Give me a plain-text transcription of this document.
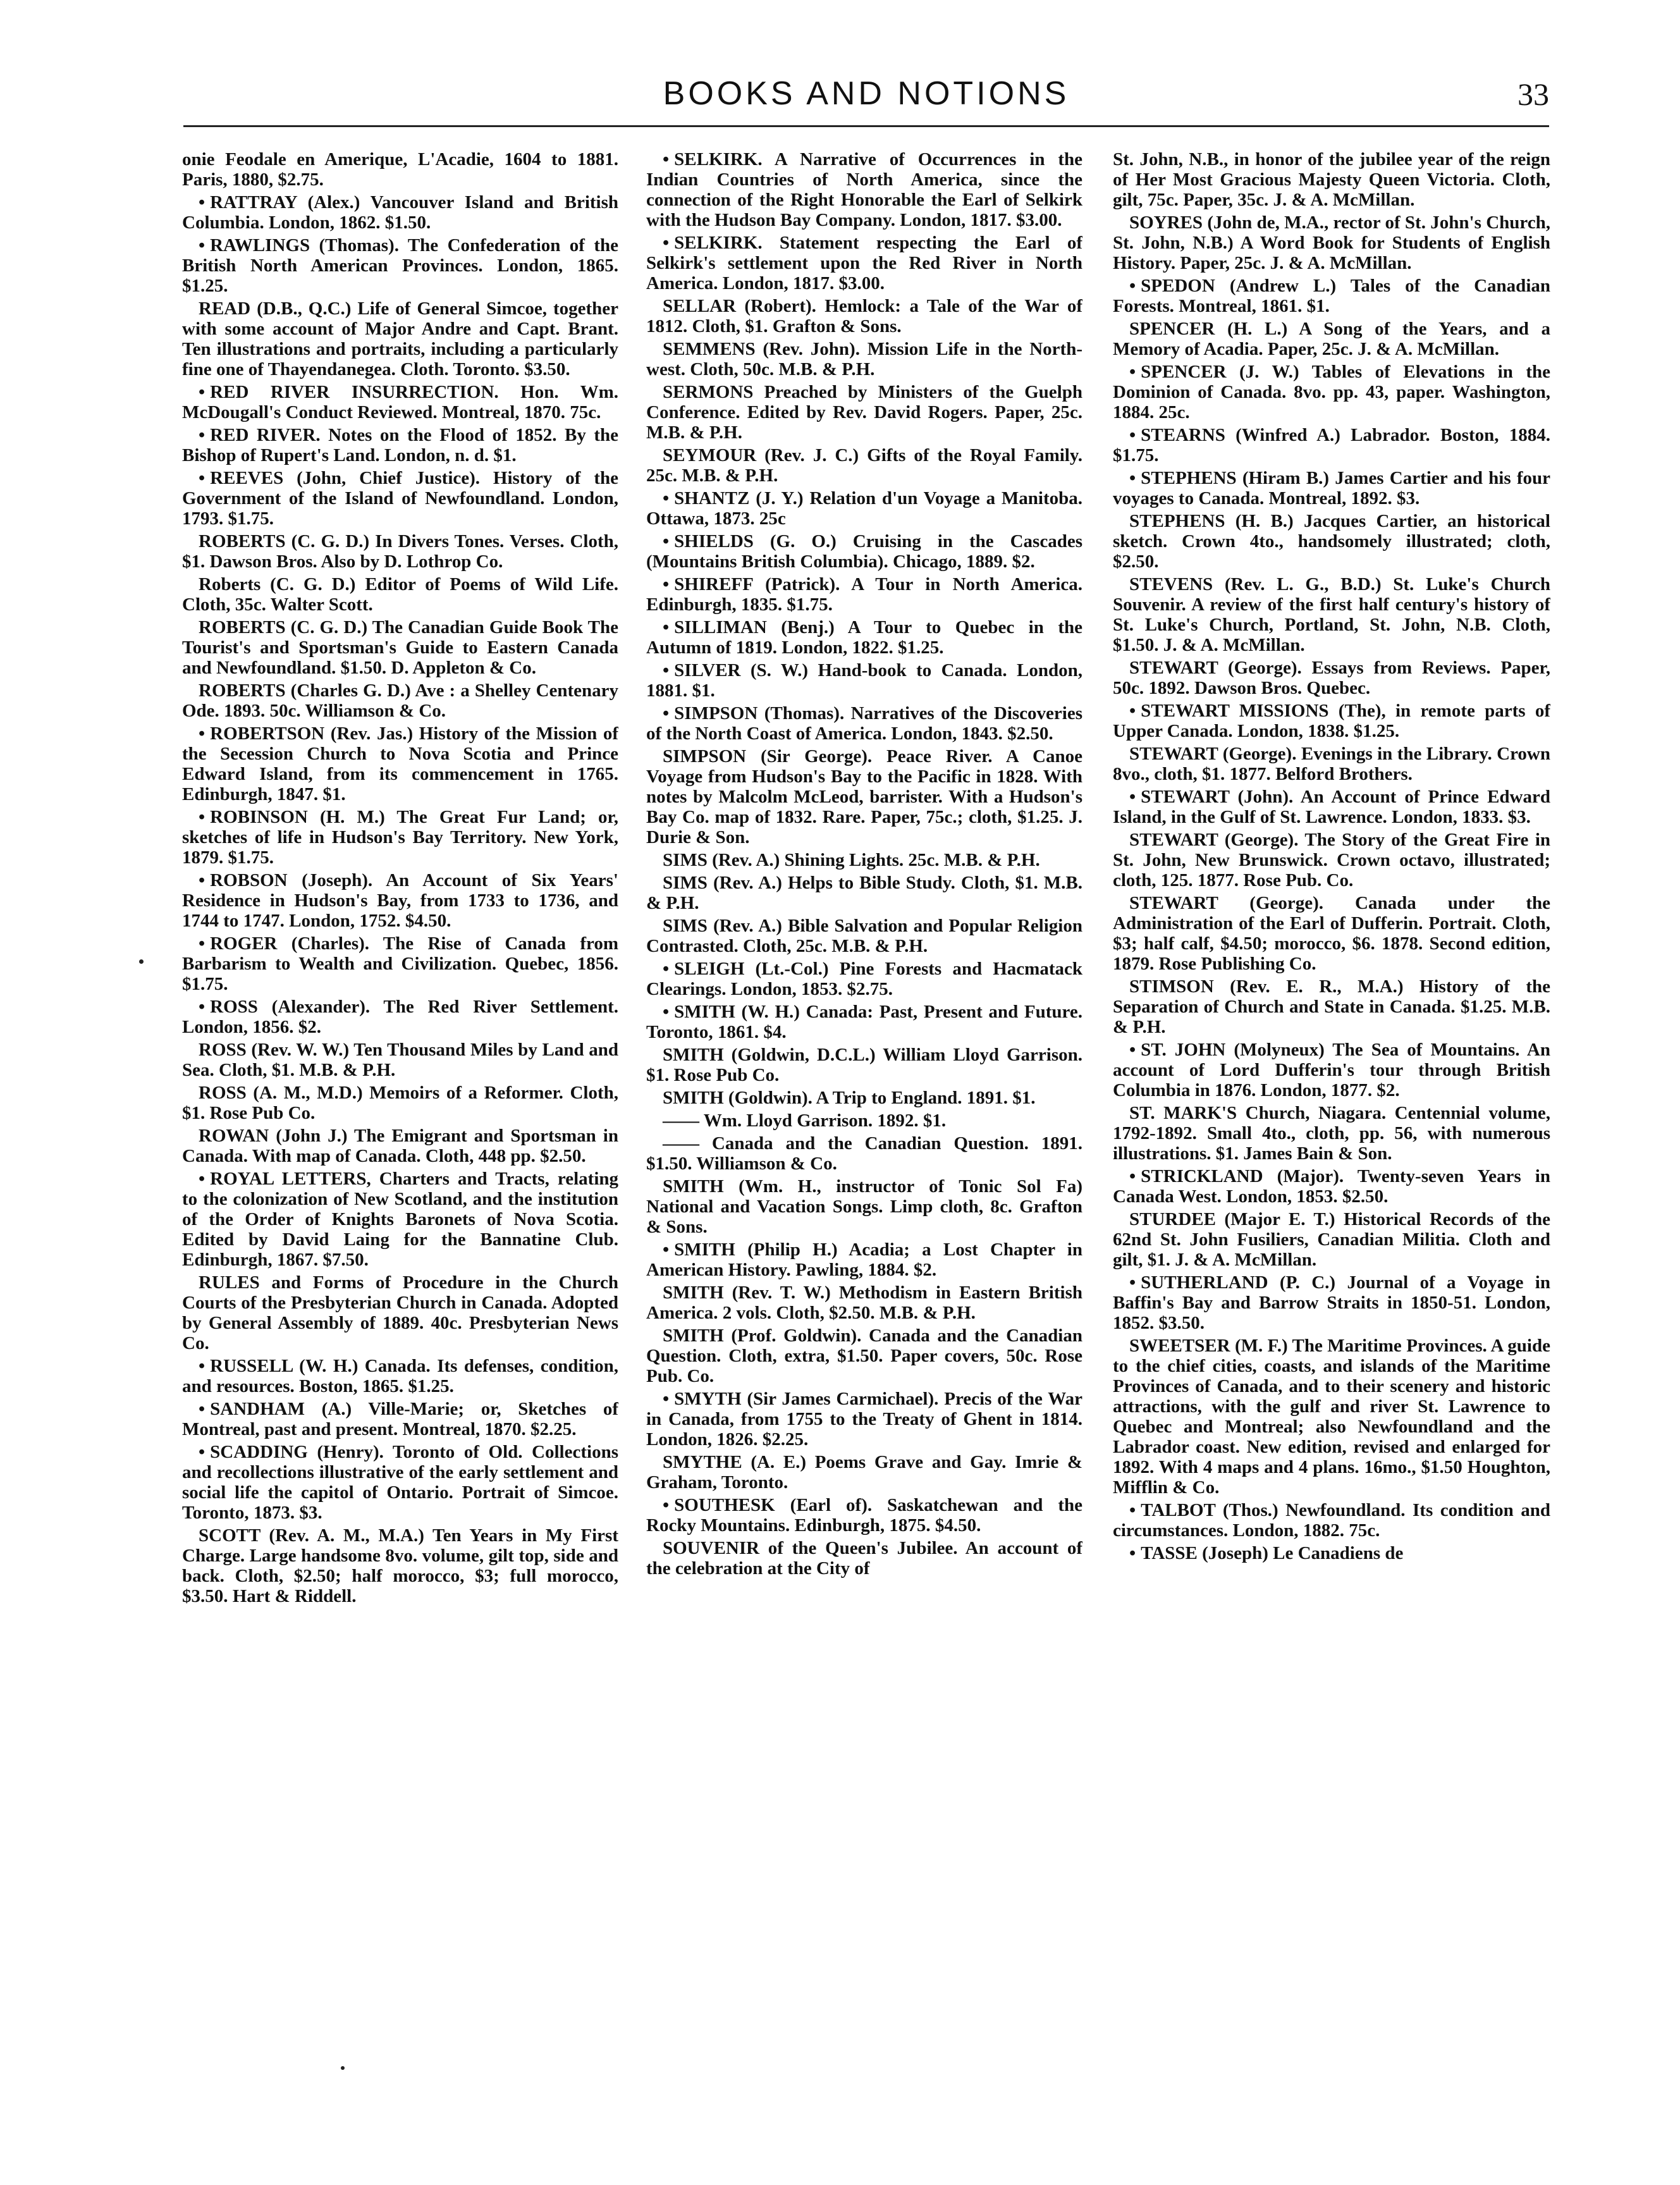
BOOKS AND NOTIONS	33

onie Feodale en Amerique, L'Acadie, 1604 to 1881. Paris, 1880, $2.75.

• RATTRAY (Alex.) Vancouver Island and British Columbia. London, 1862. $1.50.

• RAWLINGS (Thomas). The Confederation of the British North American Provinces. London, 1865. $1.25.

READ (D.B., Q.C.) Life of General Simcoe, together with some account of Major Andre and Capt. Brant. Ten illustrations and portraits, including a particularly fine one of Thayendanegea. Cloth. Toronto. $3.50.

• RED RIVER INSURRECTION. Hon. Wm. McDougall's Conduct Reviewed. Montreal, 1870. 75c.

• RED RIVER. Notes on the Flood of 1852. By the Bishop of Rupert's Land. London, n. d. $1.

• REEVES (John, Chief Justice). History of the Government of the Island of Newfoundland. London, 1793. $1.75.

ROBERTS (C. G. D.) In Divers Tones. Verses. Cloth, $1. Dawson Bros. Also by D. Lothrop Co.

Roberts (C. G. D.) Editor of Poems of Wild Life. Cloth, 35c. Walter Scott.

ROBERTS (C. G. D.) The Canadian Guide Book The Tourist's and Sportsman's Guide to Eastern Canada and Newfoundland. $1.50. D. Appleton & Co.

ROBERTS (Charles G. D.) Ave : a Shelley Centenary Ode. 1893. 50c. Williamson & Co.

• ROBERTSON (Rev. Jas.) History of the Mission of the Secession Church to Nova Scotia and Prince Edward Island, from its commencement in 1765. Edinburgh, 1847. $1.

• ROBINSON (H. M.) The Great Fur Land; or, sketches of life in Hudson's Bay Territory. New York, 1879. $1.75.

• ROBSON (Joseph). An Account of Six Years' Residence in Hudson's Bay, from 1733 to 1736, and 1744 to 1747. London, 1752. $4.50.

• ROGER (Charles). The Rise of Canada from Barbarism to Wealth and Civilization. Quebec, 1856. $1.75.

• ROSS (Alexander). The Red River Settlement. London, 1856. $2.

ROSS (Rev. W. W.) Ten Thousand Miles by Land and Sea. Cloth, $1. M.B. & P.H.

ROSS (A. M., M.D.) Memoirs of a Reformer. Cloth, $1. Rose Pub Co.

ROWAN (John J.) The Emigrant and Sportsman in Canada. With map of Canada. Cloth, 448 pp. $2.50.

• ROYAL LETTERS, Charters and Tracts, relating to the colonization of New Scotland, and the institution of the Order of Knights Baronets of Nova Scotia. Edited by David Laing for the Bannatine Club. Edinburgh, 1867. $7.50.

RULES and Forms of Procedure in the Church Courts of the Presbyterian Church in Canada. Adopted by General Assembly of 1889. 40c. Presbyterian News Co.

• RUSSELL (W. H.) Canada. Its defenses, condition, and resources. Boston, 1865. $1.25.

• SANDHAM (A.) Ville-Marie; or, Sketches of Montreal, past and present. Montreal, 1870. $2.25.

• SCADDING (Henry). Toronto of Old. Collections and recollections illustrative of the early settlement and social life the capitol of Ontario. Portrait of Simcoe. Toronto, 1873. $3.

SCOTT (Rev. A. M., M.A.) Ten Years in My First Charge. Large handsome 8vo. volume, gilt top, side and back. Cloth, $2.50; half morocco, $3; full morocco, $3.50. Hart & Riddell.

• SELKIRK. A Narrative of Occurrences in the Indian Countries of North America, since the connection of the Right Honorable the Earl of Selkirk with the Hudson Bay Company. London, 1817. $3.00.

• SELKIRK. Statement respecting the Earl of Selkirk's settlement upon the Red River in North America. London, 1817. $3.00.

SELLAR (Robert). Hemlock: a Tale of the War of 1812. Cloth, $1. Grafton & Sons.

SEMMENS (Rev. John). Mission Life in the North-west. Cloth, 50c. M.B. & P.H.

SERMONS Preached by Ministers of the Guelph Conference. Edited by Rev. David Rogers. Paper, 25c. M.B. & P.H.

SEYMOUR (Rev. J. C.) Gifts of the Royal Family. 25c. M.B. & P.H.

• SHANTZ (J. Y.) Relation d'un Voyage a Manitoba. Ottawa, 1873. 25c

• SHIELDS (G. O.) Cruising in the Cascades (Mountains British Columbia). Chicago, 1889. $2.

• SHIREFF (Patrick). A Tour in North America. Edinburgh, 1835. $1.75.

• SILLIMAN (Benj.) A Tour to Quebec in the Autumn of 1819. London, 1822. $1.25.

• SILVER (S. W.) Hand-book to Canada. London, 1881. $1.

• SIMPSON (Thomas). Narratives of the Discoveries of the North Coast of America. London, 1843. $2.50.

SIMPSON (Sir George). Peace River. A Canoe Voyage from Hudson's Bay to the Pacific in 1828. With notes by Malcolm McLeod, barrister. With a Hudson's Bay Co. map of 1832. Rare. Paper, 75c.; cloth, $1.25. J. Durie & Son.

SIMS (Rev. A.) Shining Lights. 25c. M.B. & P.H.

SIMS (Rev. A.) Helps to Bible Study. Cloth, $1. M.B. & P.H.

SIMS (Rev. A.) Bible Salvation and Popular Religion Contrasted. Cloth, 25c. M.B. & P.H.

• SLEIGH (Lt.-Col.) Pine Forests and Hacmatack Clearings. London, 1853. $2.75.

• SMITH (W. H.) Canada: Past, Present and Future. Toronto, 1861. $4.

SMITH (Goldwin, D.C.L.) William Lloyd Garrison. $1. Rose Pub Co.

SMITH (Goldwin). A Trip to England. 1891. $1.

—— Wm. Lloyd Garrison. 1892. $1.

—— Canada and the Canadian Question. 1891. $1.50. Williamson & Co.

SMITH (Wm. H., instructor of Tonic Sol Fa) National and Vacation Songs. Limp cloth, 8c. Grafton & Sons.

• SMITH (Philip H.) Acadia; a Lost Chapter in American History. Pawling, 1884. $2.

SMITH (Rev. T. W.) Methodism in Eastern British America. 2 vols. Cloth, $2.50. M.B. & P.H.

SMITH (Prof. Goldwin). Canada and the Canadian Question. Cloth, extra, $1.50. Paper covers, 50c. Rose Pub. Co.

• SMYTH (Sir James Carmichael). Precis of the War in Canada, from 1755 to the Treaty of Ghent in 1814. London, 1826. $2.25.

SMYTHE (A. E.) Poems Grave and Gay. Imrie & Graham, Toronto.

• SOUTHESK (Earl of). Saskatchewan and the Rocky Mountains. Edinburgh, 1875. $4.50.

SOUVENIR of the Queen's Jubilee. An account of the celebration at the City of

St. John, N.B., in honor of the jubilee year of the reign of Her Most Gracious Majesty Queen Victoria. Cloth, gilt, 75c. Paper, 35c. J. & A. McMillan.

SOYRES (John de, M.A., rector of St. John's Church, St. John, N.B.) A Word Book for Students of English History. Paper, 25c. J. & A. McMillan.

• SPEDON (Andrew L.) Tales of the Canadian Forests. Montreal, 1861. $1.

SPENCER (H. L.) A Song of the Years, and a Memory of Acadia. Paper, 25c. J. & A. McMillan.

• SPENCER (J. W.) Tables of Elevations in the Dominion of Canada. 8vo. pp. 43, paper. Washington, 1884. 25c.

• STEARNS (Winfred A.) Labrador. Boston, 1884. $1.75.

• STEPHENS (Hiram B.) James Cartier and his four voyages to Canada. Montreal, 1892. $3.

STEPHENS (H. B.) Jacques Cartier, an historical sketch. Crown 4to., handsomely illustrated; cloth, $2.50.

STEVENS (Rev. L. G., B.D.) St. Luke's Church Souvenir. A review of the first half century's history of St. Luke's Church, Portland, St. John, N.B. Cloth, $1.50. J. & A. McMillan.

STEWART (George). Essays from Reviews. Paper, 50c. 1892. Dawson Bros. Quebec.

• STEWART MISSIONS (The), in remote parts of Upper Canada. London, 1838. $1.25.

STEWART (George). Evenings in the Library. Crown 8vo., cloth, $1. 1877. Belford Brothers.

• STEWART (John). An Account of Prince Edward Island, in the Gulf of St. Lawrence. London, 1833. $3.

STEWART (George). The Story of the Great Fire in St. John, New Brunswick. Crown octavo, illustrated; cloth, 125. 1877. Rose Pub. Co.

STEWART (George). Canada under the Administration of the Earl of Dufferin. Portrait. Cloth, $3; half calf, $4.50; morocco, $6. 1878. Second edition, 1879. Rose Publishing Co.

STIMSON (Rev. E. R., M.A.) History of the Separation of Church and State in Canada. $1.25. M.B. & P.H.

• ST. JOHN (Molyneux) The Sea of Mountains. An account of Lord Dufferin's tour through British Columbia in 1876. London, 1877. $2.

ST. MARK'S Church, Niagara. Centennial volume, 1792-1892. Small 4to., cloth, pp. 56, with numerous illustrations. $1. James Bain & Son.

• STRICKLAND (Major). Twenty-seven Years in Canada West. London, 1853. $2.50.

STURDEE (Major E. T.) Historical Records of the 62nd St. John Fusiliers, Canadian Militia. Cloth and gilt, $1. J. & A. McMillan.

• SUTHERLAND (P. C.) Journal of a Voyage in Baffin's Bay and Barrow Straits in 1850-51. London, 1852. $3.50.

SWEETSER (M. F.) The Maritime Provinces. A guide to the chief cities, coasts, and islands of the Maritime Provinces of Canada, and to their scenery and historic attractions, with the gulf and river St. Lawrence to Quebec and Montreal; also Newfoundland and the Labrador coast. New edition, revised and enlarged for 1892. With 4 maps and 4 plans. 16mo., $1.50 Houghton, Mifflin & Co.

• TALBOT (Thos.) Newfoundland. Its condition and circumstances. London, 1882. 75c.

• TASSE (Joseph) Le Canadiens de
